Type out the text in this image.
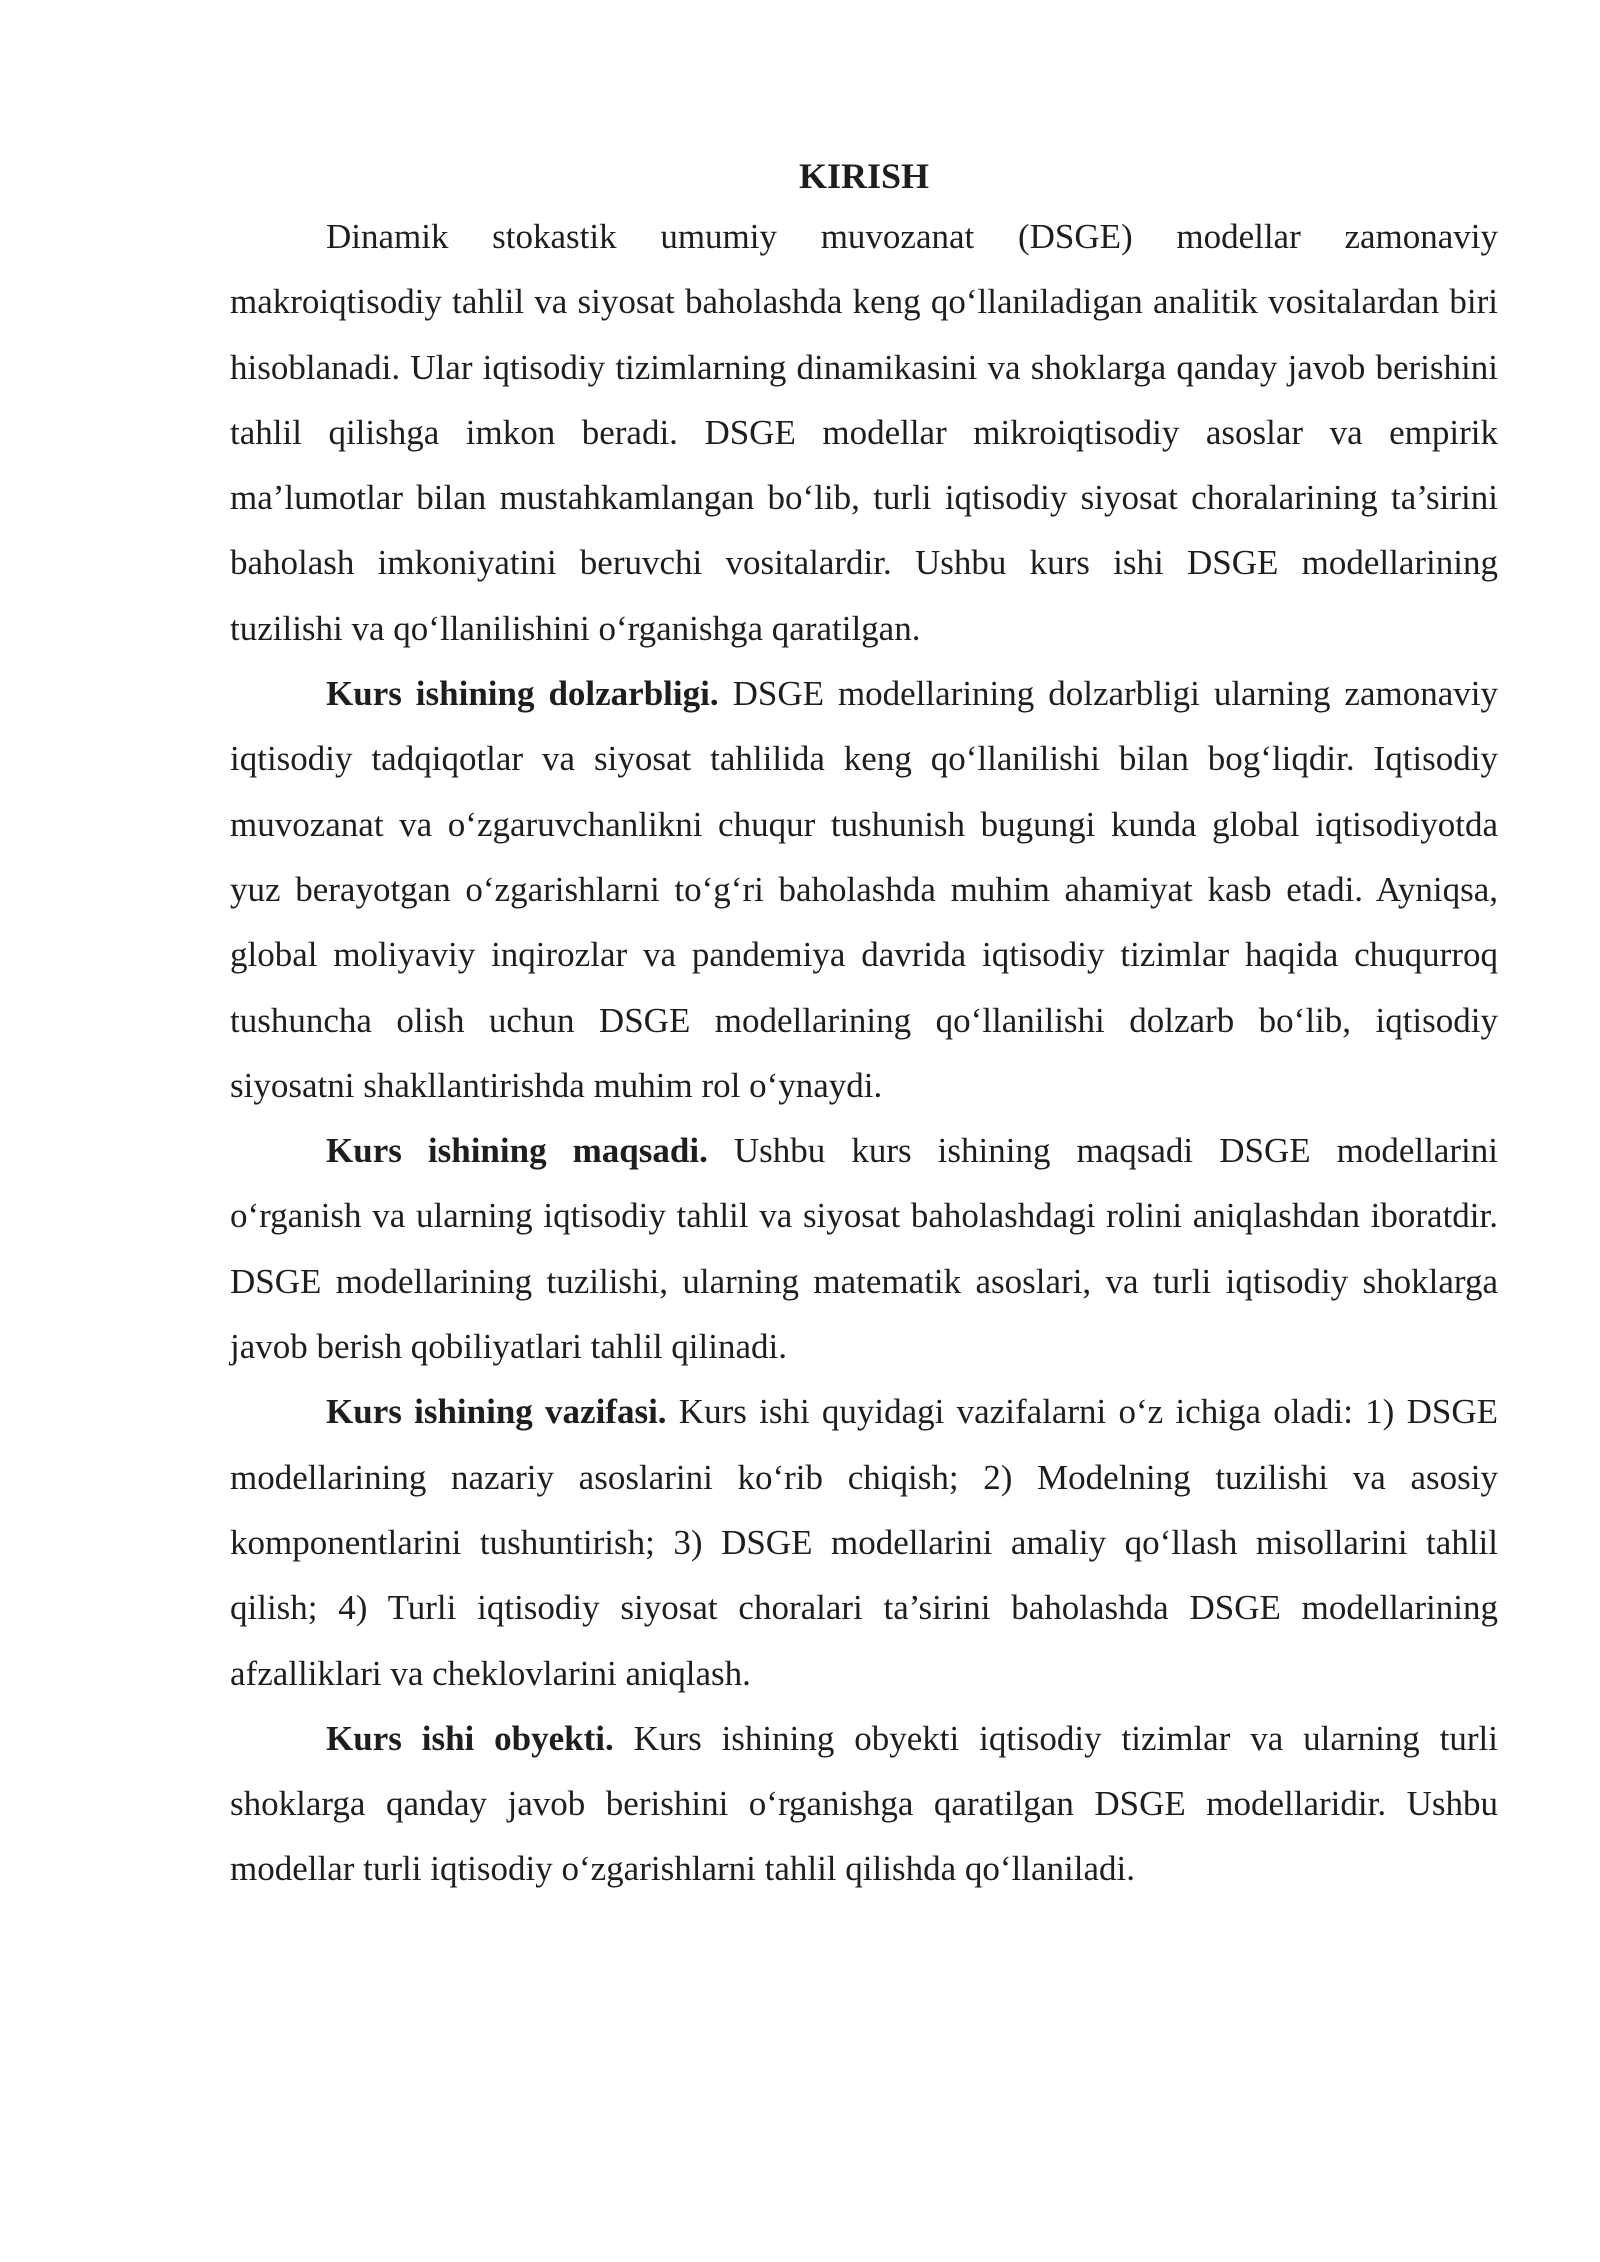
KIRISH

Dinamik stokastik umumiy muvozanat (DSGE) modellar zamonaviy makroiqtisodiy tahlil va siyosat baholashda keng qo‘llaniladigan analitik vositalardan biri hisoblanadi. Ular iqtisodiy tizimlarning dinamikasini va shoklarga qanday javob berishini tahlil qilishga imkon beradi. DSGE modellar mikroiqtisodiy asoslar va empirik ma’lumotlar bilan mustahkamlangan bo‘lib, turli iqtisodiy siyosat choralarining ta’sirini baholash imkoniyatini beruvchi vositalardir. Ushbu kurs ishi DSGE modellarining tuzilishi va qo‘llanilishini o‘rganishga qaratilgan.

Kurs ishining dolzarbligi. DSGE modellarining dolzarbligi ularning zamonaviy iqtisodiy tadqiqotlar va siyosat tahlilida keng qo‘llanilishi bilan bog‘liqdir. Iqtisodiy muvozanat va o‘zgaruvchanlikni chuqur tushunish bugungi kunda global iqtisodiyotda yuz berayotgan o‘zgarishlarni to‘g‘ri baholashda muhim ahamiyat kasb etadi. Ayniqsa, global moliyaviy inqirozlar va pandemiya davrida iqtisodiy tizimlar haqida chuqurroq tushuncha olish uchun DSGE modellarining qo‘llanilishi dolzarb bo‘lib, iqtisodiy siyosatni shakllantirishda muhim rol o‘ynaydi.

Kurs ishining maqsadi. Ushbu kurs ishining maqsadi DSGE modellarini o‘rganish va ularning iqtisodiy tahlil va siyosat baholashdagi rolini aniqlashdan iboratdir. DSGE modellarining tuzilishi, ularning matematik asoslari, va turli iqtisodiy shoklarga javob berish qobiliyatlari tahlil qilinadi.

Kurs ishining vazifasi. Kurs ishi quyidagi vazifalarni o‘z ichiga oladi: 1) DSGE modellarining nazariy asoslarini ko‘rib chiqish; 2) Modelning tuzilishi va asosiy komponentlarini tushuntirish; 3) DSGE modellarini amaliy qo‘llash misollarini tahlil qilish; 4) Turli iqtisodiy siyosat choralari ta’sirini baholashda DSGE modellarining afzalliklari va cheklovlarini aniqlash.

Kurs ishi obyekti. Kurs ishining obyekti iqtisodiy tizimlar va ularning turli shoklarga qanday javob berishini o‘rganishga qaratilgan DSGE modellaridir. Ushbu modellar turli iqtisodiy o‘zgarishlarni tahlil qilishda qo‘llaniladi.
